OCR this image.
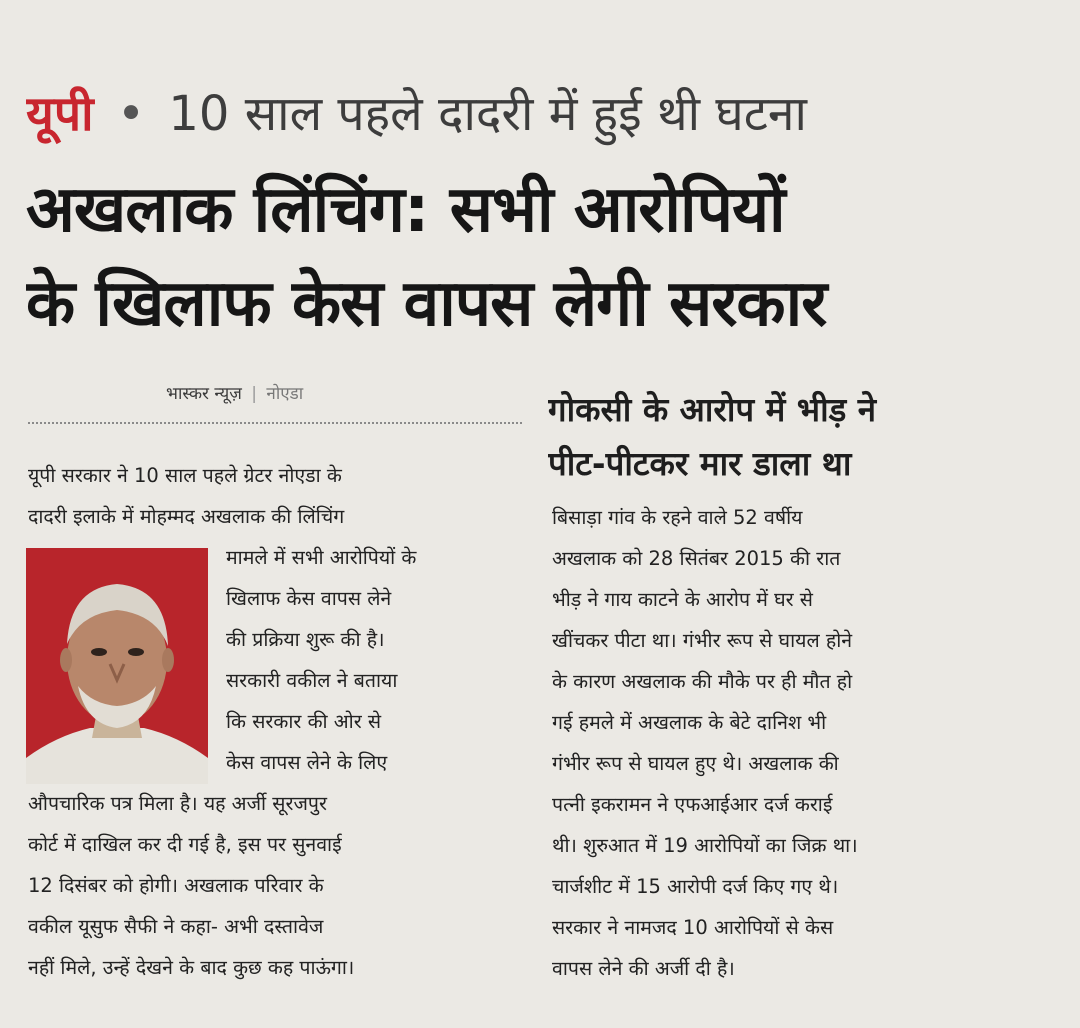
यूपी • 10 साल पहले दादरी में हुई थी घटना
अखलाक लिंचिंग: सभी आरोपियों
के खिलाफ केस वापस लेगी सरकार
भास्कर न्यूज़ | नोएडा	गोकसी के आरोप में भीड़ ने
पीट-पीटकर मार डाला था
यूपी सरकार ने 10 साल पहले ग्रेटर नोएडा के
दादरी इलाके में मोहम्मद अखलाक की लिंचिंग
मामले में सभी आरोपियों के
खिलाफ केस वापस लेने
की प्रक्रिया शुरू की है।
सरकारी वकील ने बताया
कि सरकार की ओर से
केस वापस लेने के लिए
औपचारिक पत्र मिला है। यह अर्जी सूरजपुर
कोर्ट में दाखिल कर दी गई है, इस पर सुनवाई
12 दिसंबर को होगी। अखलाक परिवार के
वकील यूसुफ सैफी ने कहा- अभी दस्तावेज
नहीं मिले, उन्हें देखने के बाद कुछ कह पाऊंगा।
बिसाड़ा गांव के रहने वाले 52 वर्षीय
अखलाक को 28 सितंबर 2015 की रात
भीड़ ने गाय काटने के आरोप में घर से
खींचकर पीटा था। गंभीर रूप से घायल होने
के कारण अखलाक की मौके पर ही मौत हो
गई हमले में अखलाक के बेटे दानिश भी
गंभीर रूप से घायल हुए थे। अखलाक की
पत्नी इकरामन ने एफआईआर दर्ज कराई
थी। शुरुआत में 19 आरोपियों का जिक्र था।
चार्जशीट में 15 आरोपी दर्ज किए गए थे।
सरकार ने नामजद 10 आरोपियों से केस
वापस लेने की अर्जी दी है।
